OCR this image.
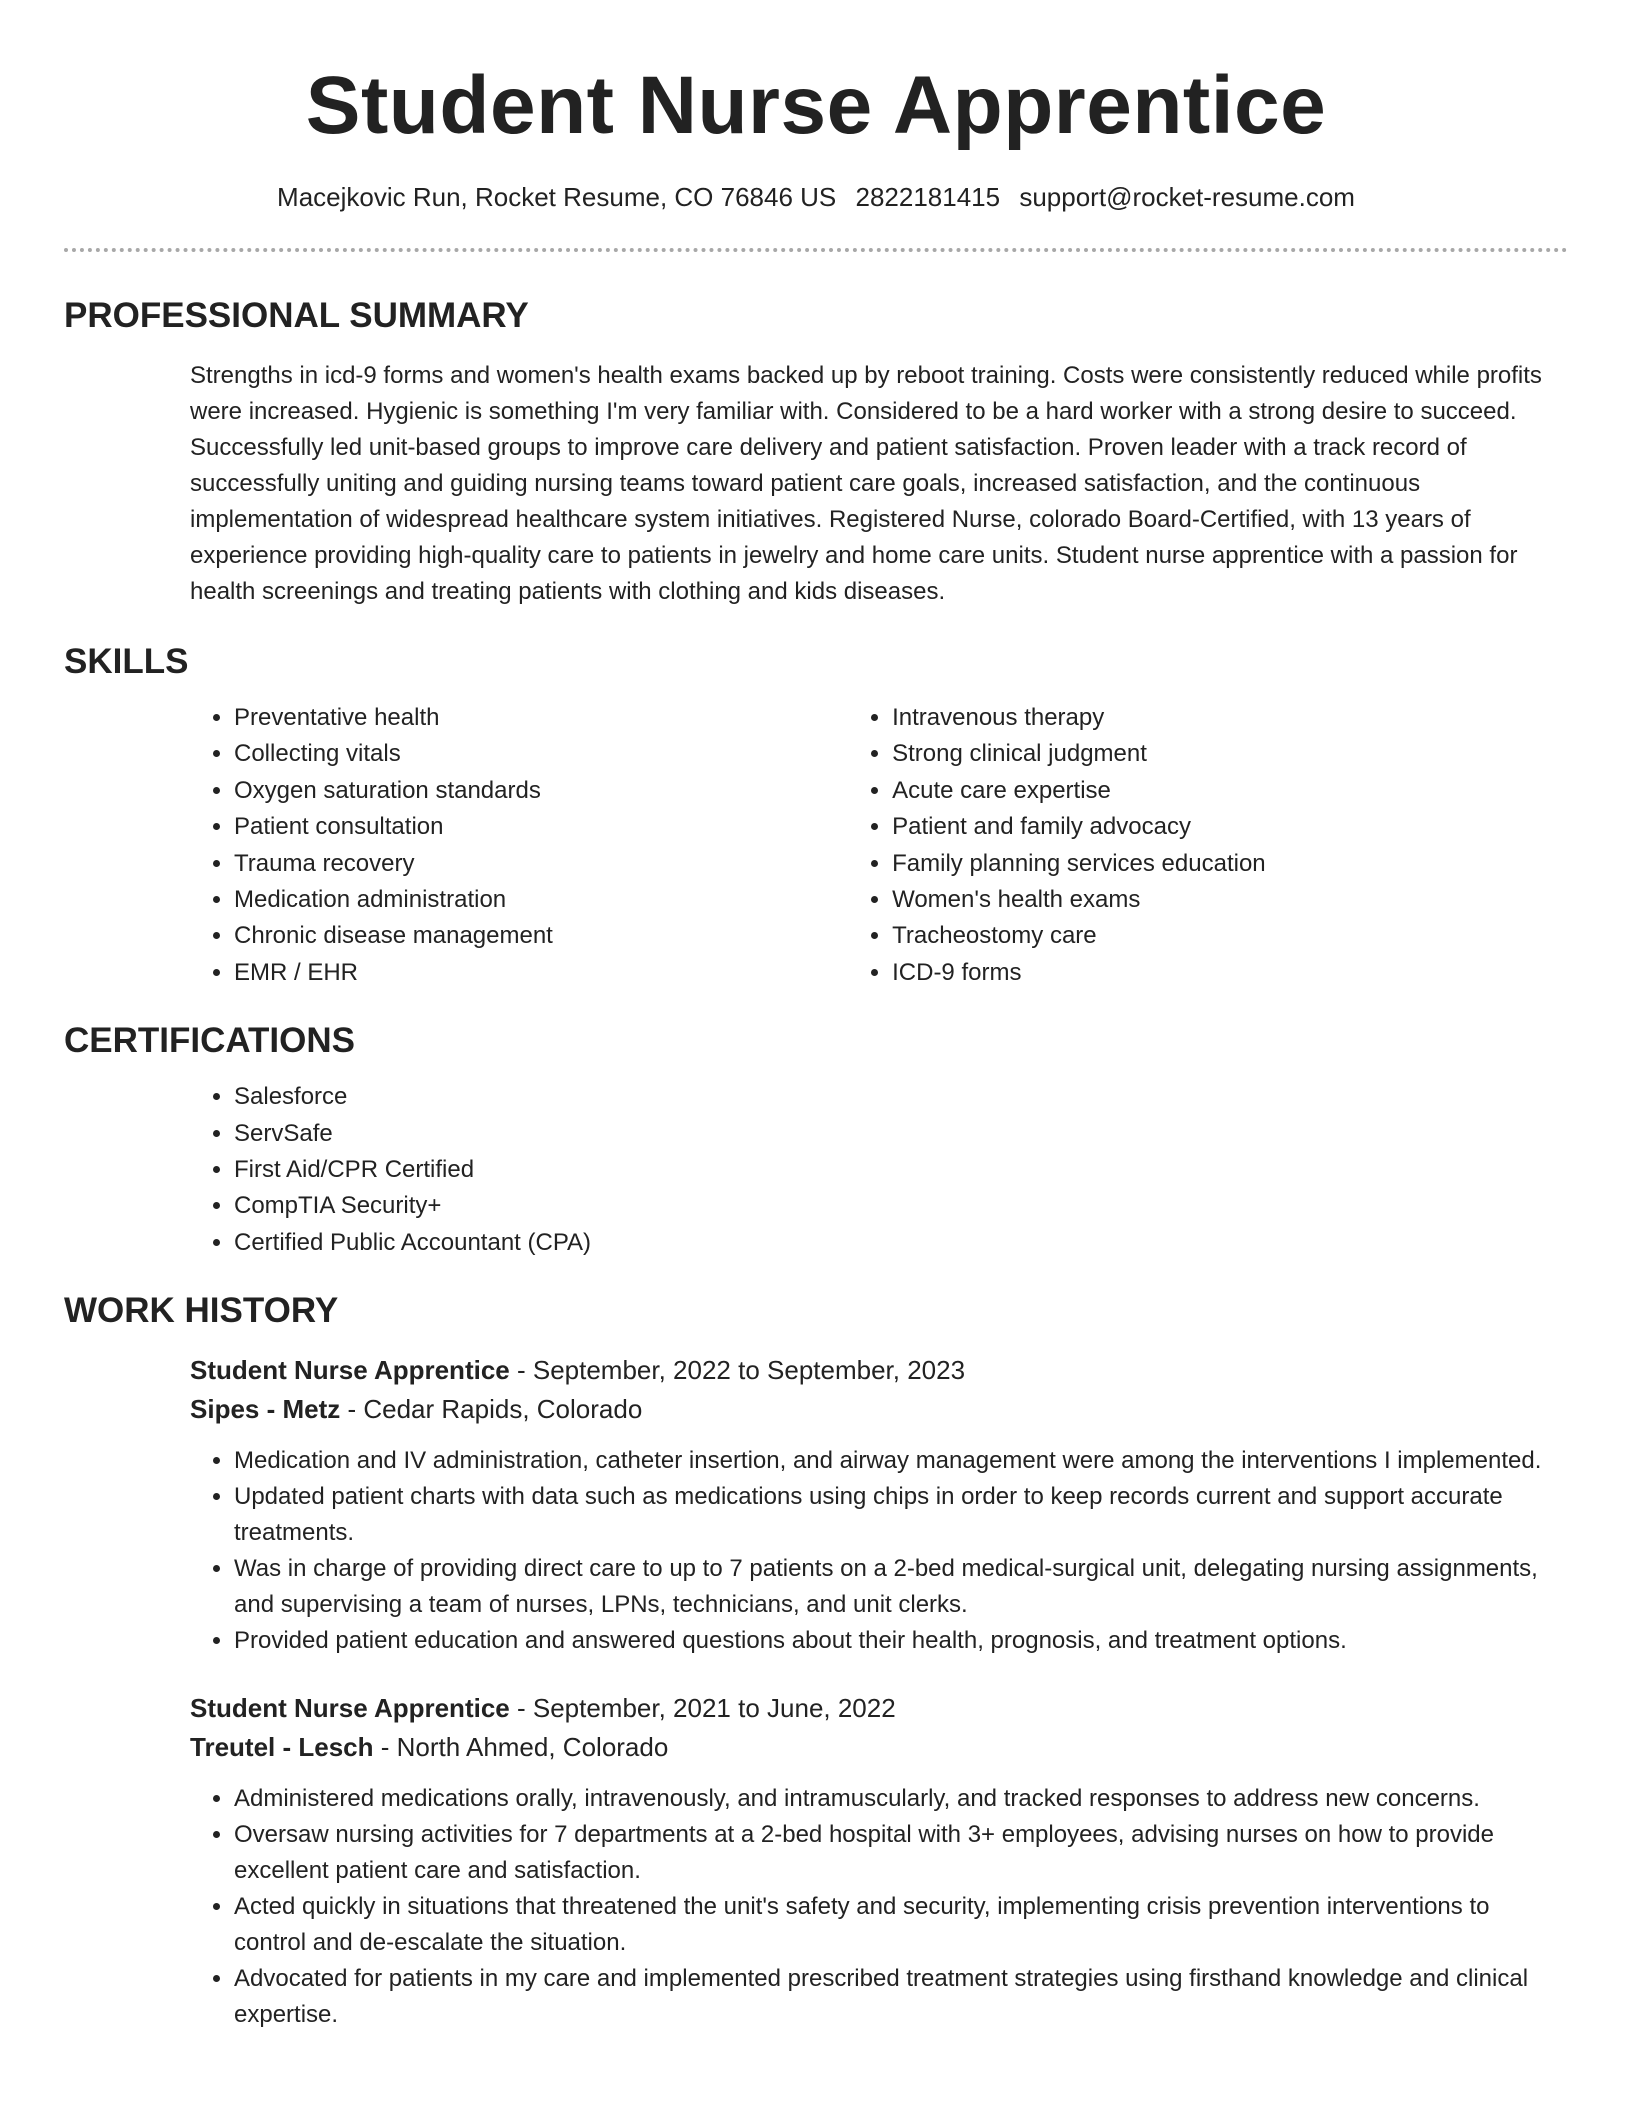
Student Nurse Apprentice
Macejkovic Run, Rocket Resume, CO 76846 US 2822181415 support@rocket-resume.com
PROFESSIONAL SUMMARY

Strengths in icd-9 forms and women's health exams backed up by reboot training. Costs were consistently reduced while profits were increased. Hygienic is something I'm very familiar with. Considered to be a hard worker with a strong desire to succeed. Successfully led unit-based groups to improve care delivery and patient satisfaction. Proven leader with a track record of successfully uniting and guiding nursing teams toward patient care goals, increased satisfaction, and the continuous implementation of widespread healthcare system initiatives. Registered Nurse, colorado Board-Certified, with 13 years of experience providing high-quality care to patients in jewelry and home care units. Student nurse apprentice with a passion for health screenings and treating patients with clothing and kids diseases.

SKILLS
• Preventative health
• Collecting vitals
• Oxygen saturation standards
• Patient consultation
• Trauma recovery
• Medication administration
• Chronic disease management
• EMR / EHR
• Intravenous therapy
• Strong clinical judgment
• Acute care expertise
• Patient and family advocacy
• Family planning services education
• Women's health exams
• Tracheostomy care
• ICD-9 forms
CERTIFICATIONS
• Salesforce
• ServSafe
• First Aid/CPR Certified
• CompTIA Security+
• Certified Public Accountant (CPA)
WORK HISTORY
Student Nurse Apprentice - September, 2022 to September, 2023
Sipes - Metz - Cedar Rapids, Colorado
• Medication and IV administration, catheter insertion, and airway management were among the interventions I implemented.
• Updated patient charts with data such as medications using chips in order to keep records current and support accurate treatments.
• Was in charge of providing direct care to up to 7 patients on a 2-bed medical-surgical unit, delegating nursing assignments, and supervising a team of nurses, LPNs, technicians, and unit clerks.
• Provided patient education and answered questions about their health, prognosis, and treatment options.
Student Nurse Apprentice - September, 2021 to June, 2022
Treutel - Lesch - North Ahmed, Colorado
• Administered medications orally, intravenously, and intramuscularly, and tracked responses to address new concerns.
• Oversaw nursing activities for 7 departments at a 2-bed hospital with 3+ employees, advising nurses on how to provide excellent patient care and satisfaction.
• Acted quickly in situations that threatened the unit's safety and security, implementing crisis prevention interventions to control and de-escalate the situation.
• Advocated for patients in my care and implemented prescribed treatment strategies using firsthand knowledge and clinical expertise.
